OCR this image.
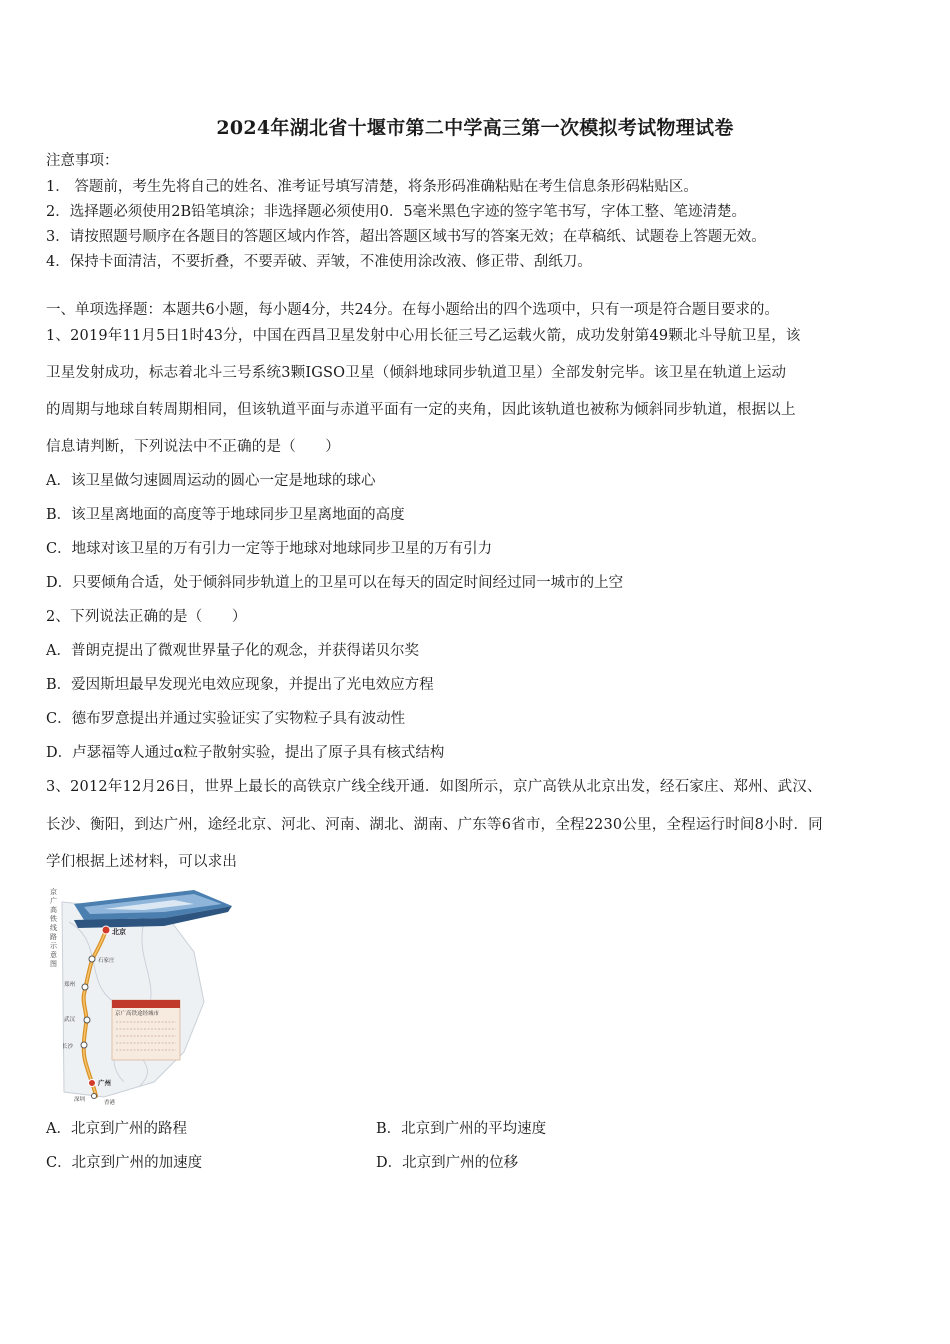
2024年湖北省十堰市第二中学高三第一次模拟考试物理试卷
注意事项：
1． 答题前，考生先将自己的姓名、准考证号填写清楚，将条形码准确粘贴在考生信息条形码粘贴区。
2．选择题必须使用2B铅笔填涂；非选择题必须使用0．5毫米黑色字迹的签字笔书写，字体工整、笔迹清楚。
3．请按照题号顺序在各题目的答题区域内作答，超出答题区域书写的答案无效；在草稿纸、试题卷上答题无效。
4．保持卡面清洁，不要折叠，不要弄破、弄皱，不准使用涂改液、修正带、刮纸刀。
一、单项选择题：本题共6小题，每小题4分，共24分。在每小题给出的四个选项中，只有一项是符合题目要求的。
1、2019年11月5日1时43分，中国在西昌卫星发射中心用长征三号乙运载火箭，成功发射第49颗北斗导航卫星，该
卫星发射成功，标志着北斗三号系统3颗IGSO卫星（倾斜地球同步轨道卫星）全部发射完毕。该卫星在轨道上运动
的周期与地球自转周期相同，但该轨道平面与赤道平面有一定的夹角，因此该轨道也被称为倾斜同步轨道，根据以上
信息请判断，下列说法中不正确的是（　　）
A．该卫星做匀速圆周运动的圆心一定是地球的球心
B．该卫星离地面的高度等于地球同步卫星离地面的高度
C．地球对该卫星的万有引力一定等于地球对地球同步卫星的万有引力
D．只要倾角合适，处于倾斜同步轨道上的卫星可以在每天的固定时间经过同一城市的上空
2、下列说法正确的是（　　）
A．普朗克提出了微观世界量子化的观念，并获得诺贝尔奖
B．爱因斯坦最早发现光电效应现象，并提出了光电效应方程
C．德布罗意提出并通过实验证实了实物粒子具有波动性
D．卢瑟福等人通过α粒子散射实验，提出了原子具有核式结构
3、2012年12月26日，世界上最长的高铁京广线全线开通．如图所示，京广高铁从北京出发，经石家庄、郑州、武汉、
长沙、衡阳，到达广州，途经北京、河北、河南、湖北、湖南、广东等6省市，全程2230公里，全程运行时间8小时．同
学们根据上述材料，可以求出
京
广
高
铁
线
路
示
意
图
北京
石家庄
郑州
武汉
长沙
广州
深圳	香港
京广高铁途经城市
A．北京到广州的路程	B．北京到广州的平均速度
C．北京到广州的加速度	D．北京到广州的位移
